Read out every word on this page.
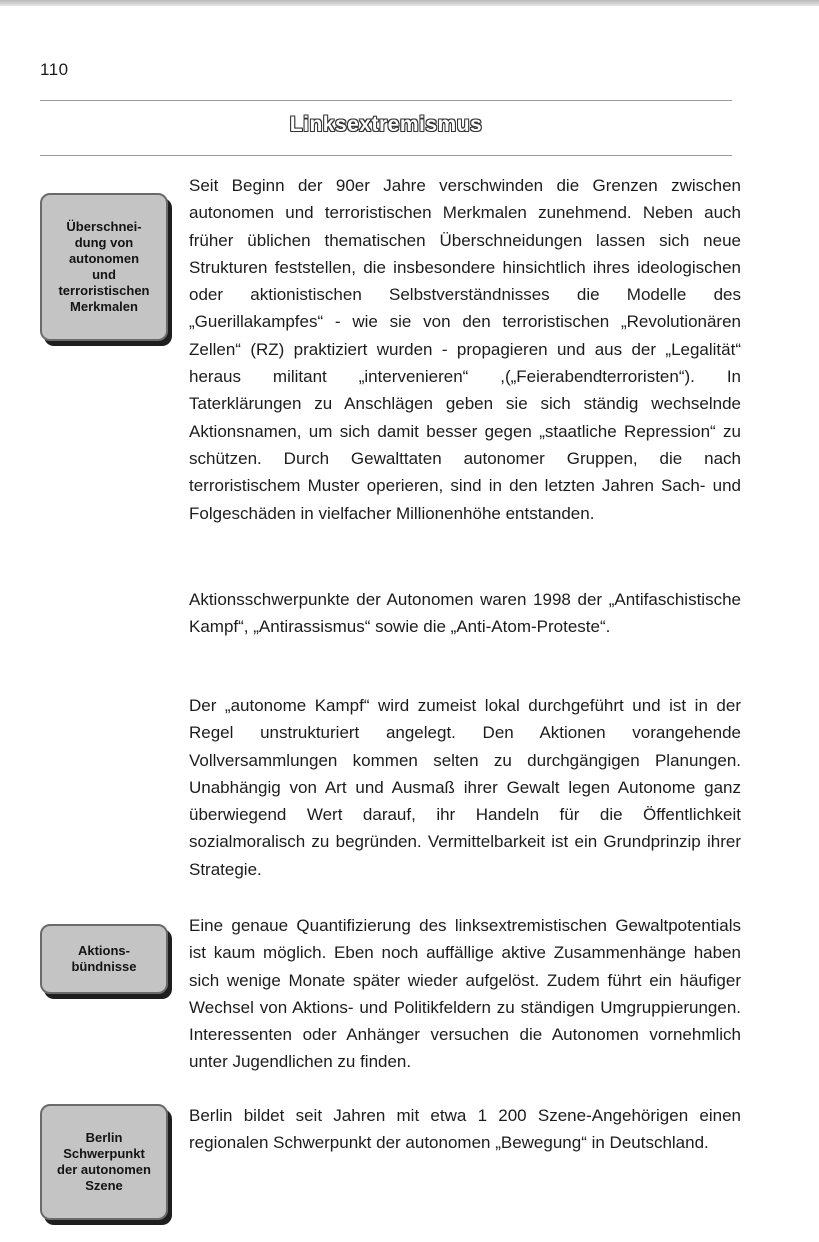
110
Linksextremismus
Überschnei-
dung von
autonomen
und
terroristischen
Merkmalen
Aktions-
bündnisse
Berlin
Schwerpunkt
der autonomen
Szene

Seit Beginn der 90er Jahre verschwinden die Grenzen zwischen autonomen und terroristischen Merkmalen zunehmend. Neben auch früher üblichen thematischen Überschneidungen lassen sich neue Strukturen feststellen, die insbesondere hinsichtlich ihres ideologischen oder aktionistischen Selbstverständnisses die Modelle des „Guerillakampfes“ - wie sie von den terroristischen „Revolutionären Zellen“ (RZ) praktiziert wurden - propagieren und aus der „Legalität“ heraus militant „intervenieren“ ,(„Feierabendterroristen“). In Taterklärungen zu Anschlägen geben sie sich ständig wechselnde Aktionsnamen, um sich damit besser gegen „staatliche Repression“ zu schützen. Durch Gewalttaten autonomer Gruppen, die nach terroristischem Muster operieren, sind in den letzten Jahren Sach- und Folgeschäden in vielfacher Millionenhöhe entstanden.

Aktionsschwerpunkte der Autonomen waren 1998 der „Antifaschistische Kampf“, „Antirassismus“ sowie die „Anti-Atom-Proteste“.

Der „autonome Kampf“ wird zumeist lokal durchgeführt und ist in der Regel unstrukturiert angelegt. Den Aktionen vorangehende Vollversammlungen kommen selten zu durchgängigen Planungen. Unabhängig von Art und Ausmaß ihrer Gewalt legen Autonome ganz überwiegend Wert darauf, ihr Handeln für die Öffentlichkeit sozialmoralisch zu begründen. Vermittelbarkeit ist ein Grundprinzip ihrer Strategie.

Eine genaue Quantifizierung des linksextremistischen Gewaltpotentials ist kaum möglich. Eben noch auffällige aktive Zusammenhänge haben sich wenige Monate später wieder aufgelöst. Zudem führt ein häufiger Wechsel von Aktions- und Politikfeldern zu ständigen Umgruppierungen. Interessenten oder Anhänger versuchen die Autonomen vornehmlich unter Jugendlichen zu finden.

Berlin bildet seit Jahren mit etwa 1 200 Szene-Angehörigen einen regionalen Schwerpunkt der autonomen „Bewegung“ in Deutschland.
